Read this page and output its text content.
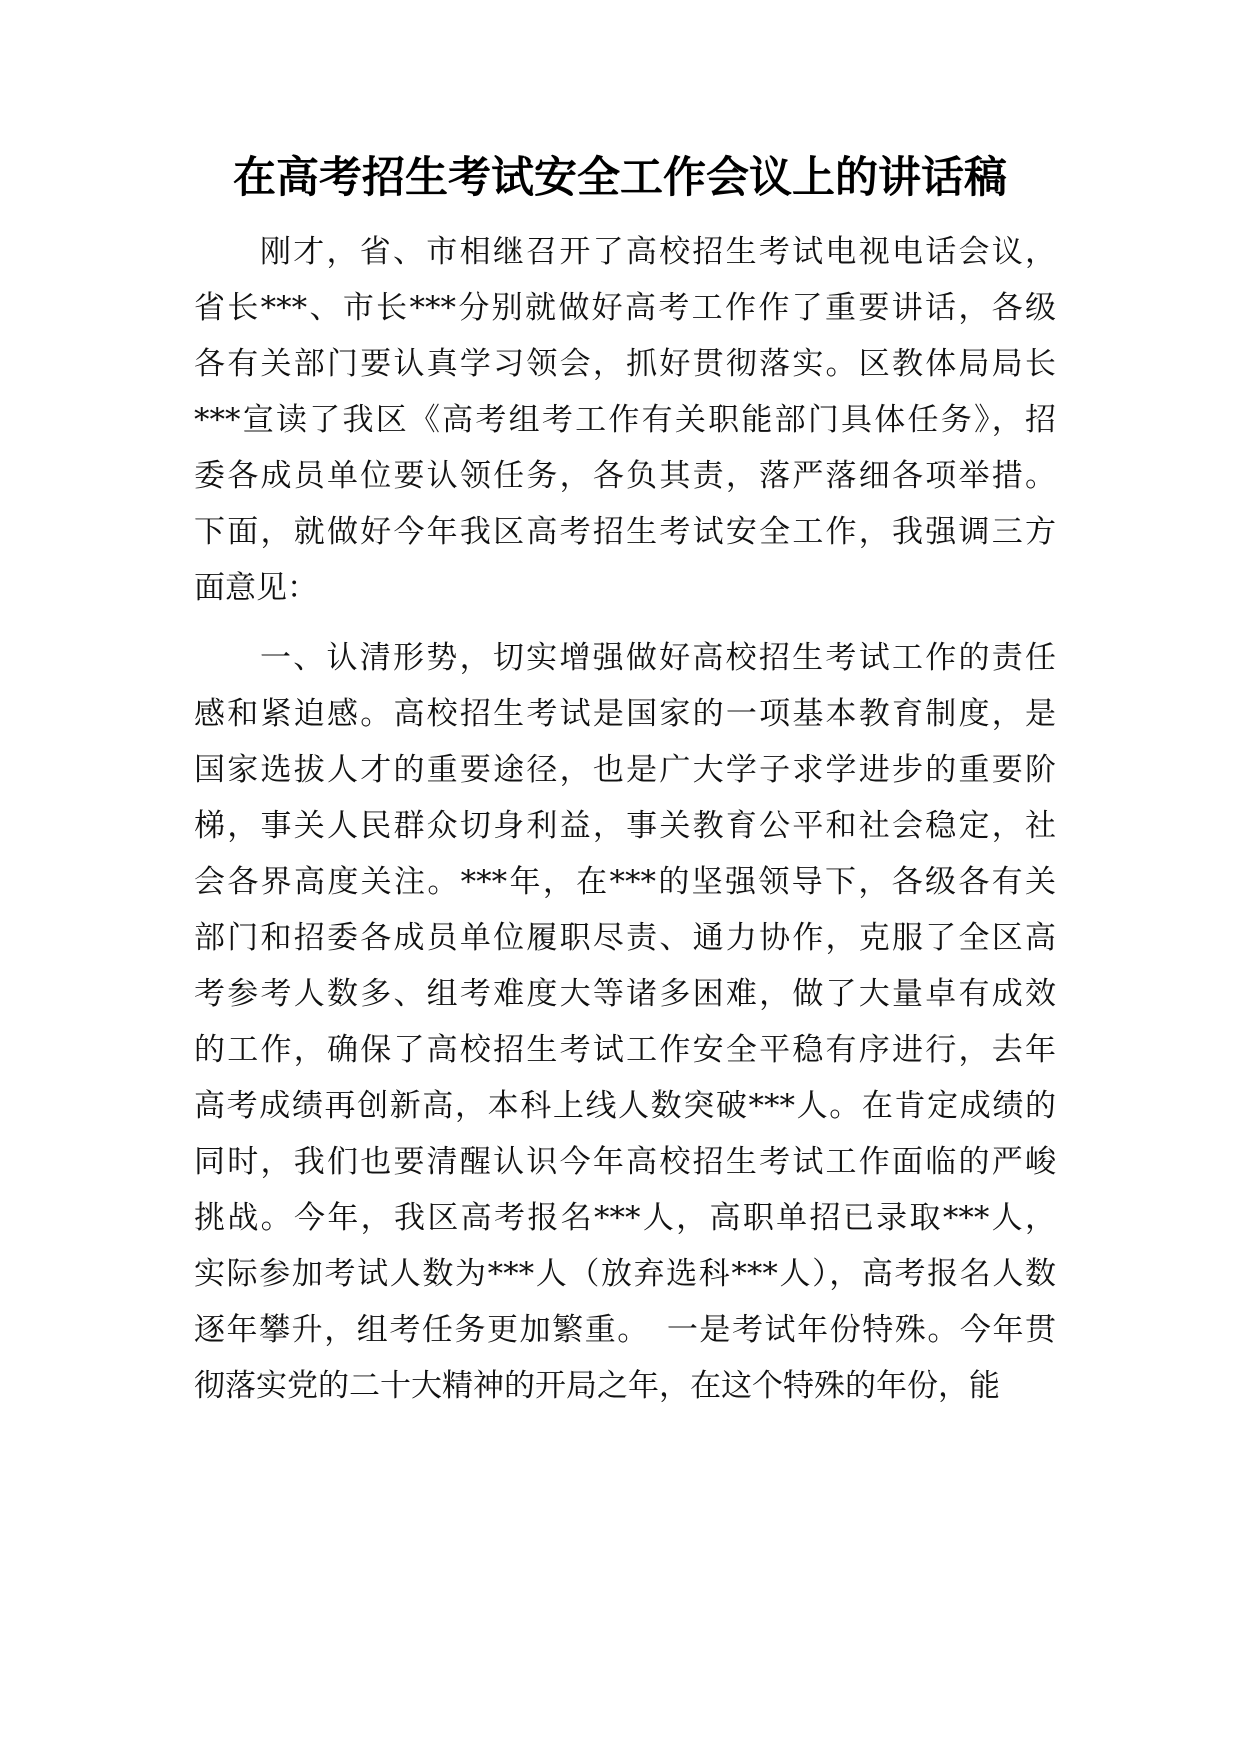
在高考招生考试安全工作会议上的讲话稿
刚才，省、市相继召开了高校招生考试电视电话会议，
省长***、市长***分别就做好高考工作作了重要讲话，各级
各有关部门要认真学习领会，抓好贯彻落实。区教体局局长
***宣读了我区《高考组考工作有关职能部门具体任务》，招
委各成员单位要认领任务，各负其责，落严落细各项举措。
下面，就做好今年我区高考招生考试安全工作，我强调三方
面意见：
一、认清形势，切实增强做好高校招生考试工作的责任
感和紧迫感。高校招生考试是国家的一项基本教育制度，是
国家选拔人才的重要途径，也是广大学子求学进步的重要阶
梯，事关人民群众切身利益，事关教育公平和社会稳定，社
会各界高度关注。***年，在***的坚强领导下，各级各有关
部门和招委各成员单位履职尽责、通力协作，克服了全区高
考参考人数多、组考难度大等诸多困难，做了大量卓有成效
的工作，确保了高校招生考试工作安全平稳有序进行，去年
高考成绩再创新高，本科上线人数突破***人。在肯定成绩的
同时，我们也要清醒认识今年高校招生考试工作面临的严峻
挑战。今年，我区高考报名***人，高职单招已录取***人，
实际参加考试人数为***人（放弃选科***人），高考报名人数
逐年攀升，组考任务更加繁重。　一是考试年份特殊。今年贯
彻落实党的二十大精神的开局之年，在这个特殊的年份，能
